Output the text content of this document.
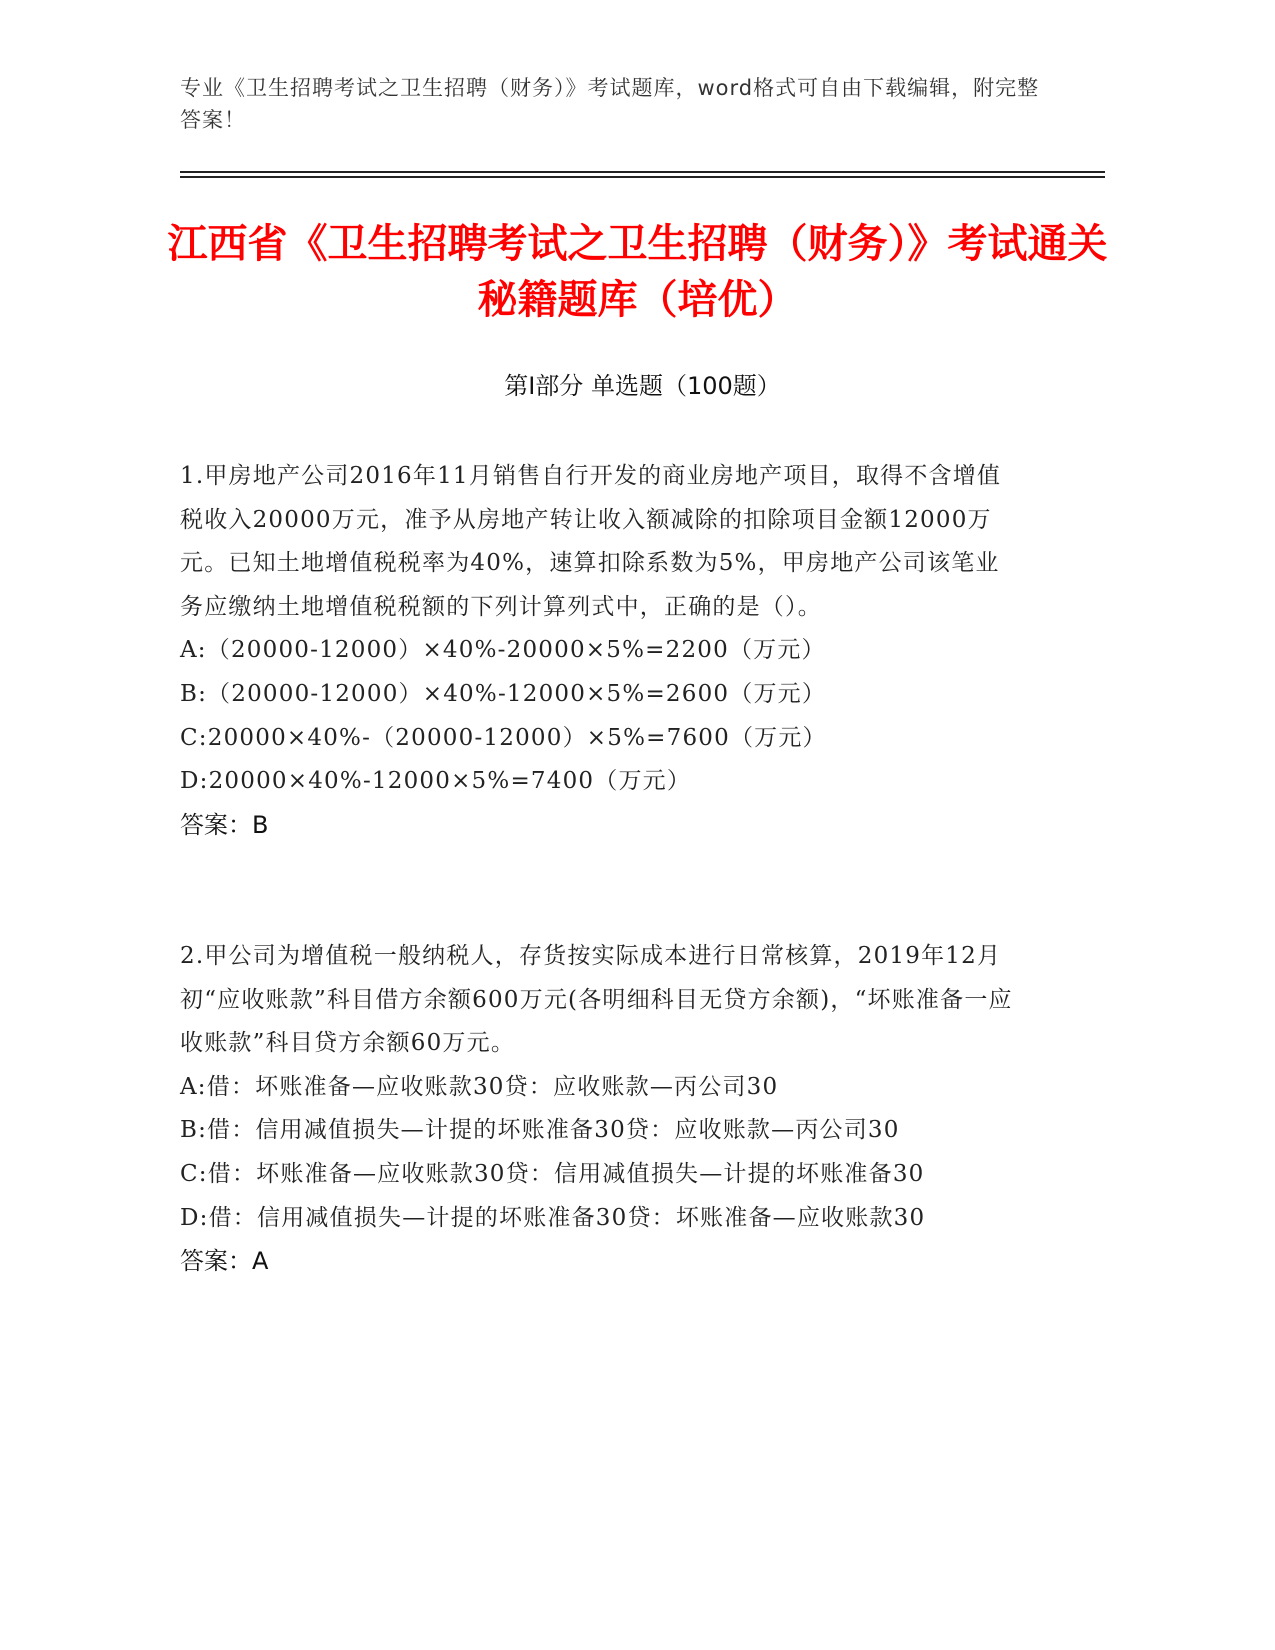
专业《卫生招聘考试之卫生招聘（财务）》考试题库，word格式可自由下载编辑，附完整答案！
江西省《卫生招聘考试之卫生招聘（财务）》考试通关秘籍题库（培优）
第Ⅰ部分 单选题（100题）

1.甲房地产公司2016年11月销售自行开发的商业房地产项目，取得不含增值税收入20000万元，准予从房地产转让收入额减除的扣除项目金额12000万元。已知土地增值税税率为40%，速算扣除系数为5%，甲房地产公司该笔业务应缴纳土地增值税税额的下列计算列式中，正确的是（）。

A:（20000-12000）×40%-20000×5%=2200（万元）

B:（20000-12000）×40%-12000×5%=2600（万元）

C:20000×40%-（20000-12000）×5%=7600（万元）

D:20000×40%-12000×5%=7400（万元）

答案：B

2.甲公司为增值税一般纳税人，存货按实际成本进行日常核算，2019年12月初“应收账款”科目借方余额600万元(各明细科目无贷方余额)，“坏账准备一应收账款”科目贷方余额60万元。

A:借：坏账准备—应收账款30贷：应收账款—丙公司30

B:借：信用减值损失—计提的坏账准备30贷：应收账款—丙公司30

C:借：坏账准备—应收账款30贷：信用减值损失—计提的坏账准备30

D:借：信用减值损失—计提的坏账准备30贷：坏账准备—应收账款30

答案：A
